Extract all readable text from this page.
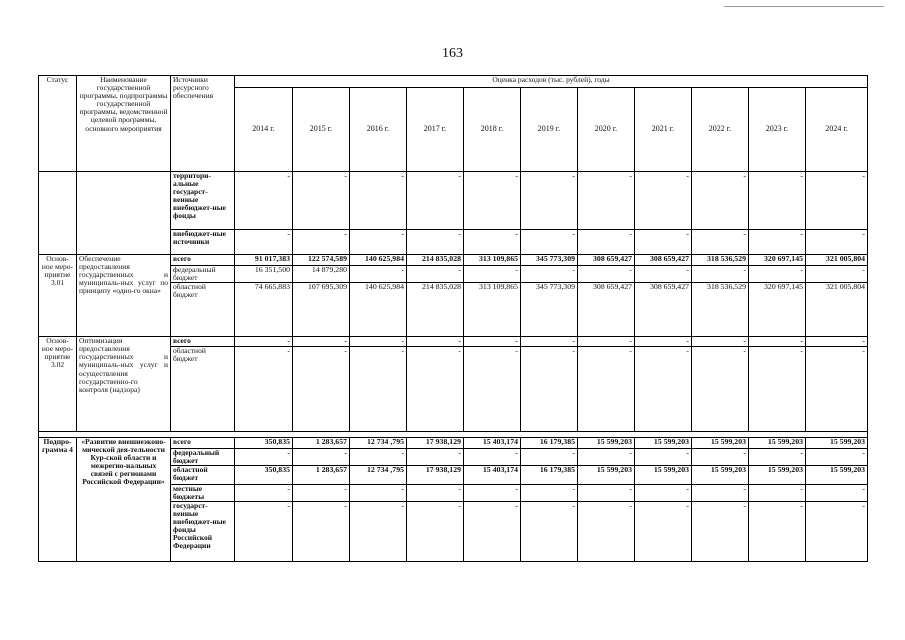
163
Статус	Наименование государственной программы, подпрограммы государственной программы, ведомственной целевой программы, основного мероприятия	Источники ресурсного обеспечения	Оценка расходов (тыс. рублей), годы										
			2014 г.	2015 г.	2016 г.	2017 г.	2018 г.	2019 г.	2020 г.	2021 г.	2022 г.	2023 г.	2024 г.
		территори-альные государст-венные внебюджет-ные фонды	-	-	-	-	-	-	-	-	-	-	-
		внебюджет-ные источники	-	-	-	-	-	-	-	-	-	-	-
Основ-ное меро-приятие 3.01	Обеспечение предоставления государственных и муниципаль-ных услуг по принципу «одно-го окна»	всего	91 017,383	122 574,589	140 625,984	214 835,028	313 109,865	345 773,309	308 659,427	308 659,427	318 536,529	320 697,145	321 005,804
		федеральный бюджет	16 351,500	14 879,280	-	-	-	-	-	-	-	-	-
		областной бюджет	74 665,883	107 695,309	140 625,984	214 835,028	313 109,865	345 773,309	308 659,427	308 659,427	318 536,529	320 697,145	321 005,804
Основ-ное меро-приятие 3.02	Оптимизация предоставления государственных и муниципаль-ных услуг и осуществления государственно-го контроля (надзора)	всего	-	-	-	-	-	-	-	-	-	-	-
		областной бюджет	-	-	-	-	-	-	-	-	-	-	-

Подпро-грамма 4	«Развитие внешнеэконо-мической дея-тельности Кур-ской области и межрегио-нальных связей с регионами Российской Федерации»	всего	350,835	1 283,657	12 734 ,795	17 938,129	15 403,174	16 179,385	15 599,203	15 599,203	15 599,203	15 599,203	15 599,203
		федеральный бюджет	-	-	-	-	-	-	-	-	-	-	-
		областной бюджет	350,835	1 283,657	12 734 ,795	17 938,129	15 403,174	16 179,385	15 599,203	15 599,203	15 599,203	15 599,203	15 599,203
		местные бюджеты	-	-	-	-	-	-	-	-	-	-	-
		государст-венные внебюджет-ные фонды Российской Федерации	-	-	-	-	-	-	-	-	-	-	-
